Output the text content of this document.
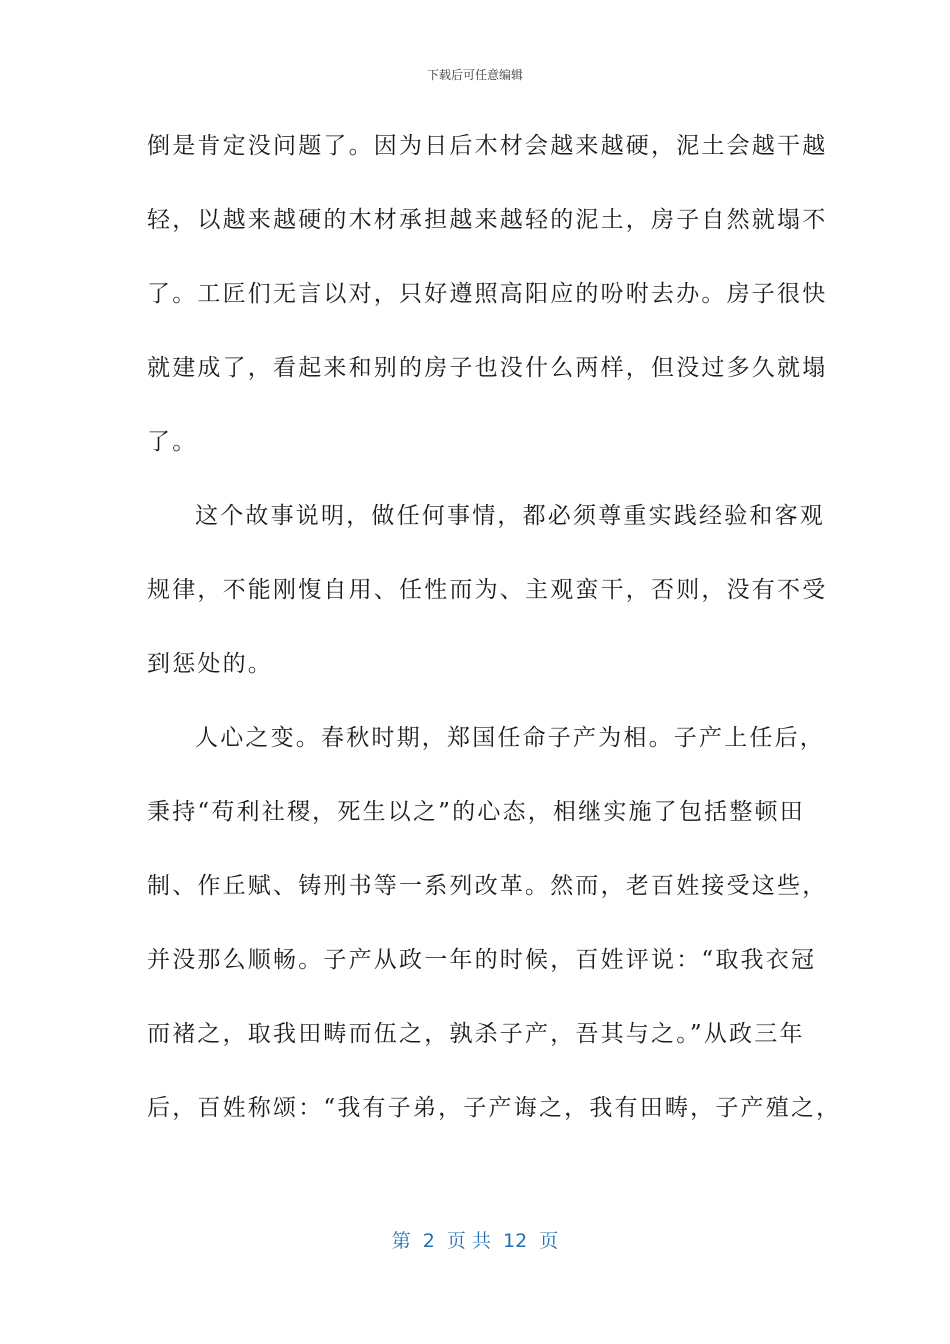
下载后可任意编辑
倒是肯定没问题了。因为日后木材会越来越硬，泥土会越干越
轻，以越来越硬的木材承担越来越轻的泥土，房子自然就塌不
了。工匠们无言以对，只好遵照高阳应的吩咐去办。房子很快
就建成了，看起来和别的房子也没什么两样，但没过多久就塌
了。
这个故事说明，做任何事情，都必须尊重实践经验和客观
规律，不能刚愎自用、任性而为、主观蛮干，否则，没有不受
到惩处的。
人心之变。春秋时期，郑国任命子产为相。子产上任后，
秉持“苟利社稷，死生以之”的心态，相继实施了包括整顿田
制、作丘赋、铸刑书等一系列改革。然而，老百姓接受这些，
并没那么顺畅。子产从政一年的时候，百姓评说：“取我衣冠
而褚之，取我田畴而伍之，孰杀子产，吾其与之。”从政三年
后，百姓称颂：“我有子弟，子产诲之，我有田畴，子产殖之，
第  2  页 共  12  页
